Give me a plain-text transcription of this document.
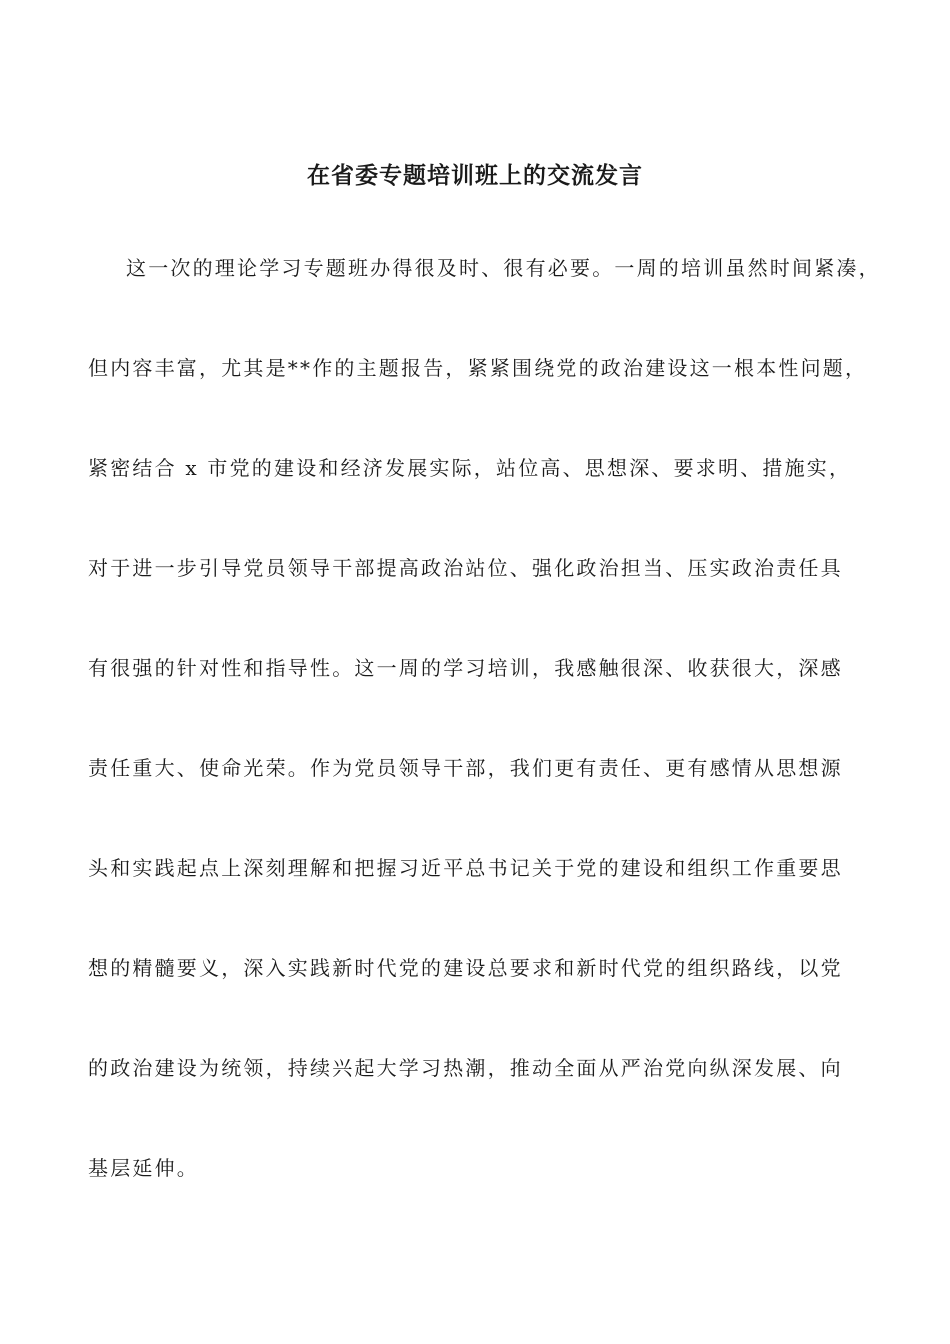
在省委专题培训班上的交流发言
这一次的理论学习专题班办得很及时、很有必要。一周的培训虽然时间紧凑，
但内容丰富，尤其是**作的主题报告，紧紧围绕党的政治建设这一根本性问题，
紧密结合 x 市党的建设和经济发展实际，站位高、思想深、要求明、措施实，
对于进一步引导党员领导干部提高政治站位、强化政治担当、压实政治责任具
有很强的针对性和指导性。这一周的学习培训，我感触很深、收获很大，深感
责任重大、使命光荣。作为党员领导干部，我们更有责任、更有感情从思想源
头和实践起点上深刻理解和把握习近平总书记关于党的建设和组织工作重要思
想的精髓要义，深入实践新时代党的建设总要求和新时代党的组织路线，以党
的政治建设为统领，持续兴起大学习热潮，推动全面从严治党向纵深发展、向
基层延伸。
